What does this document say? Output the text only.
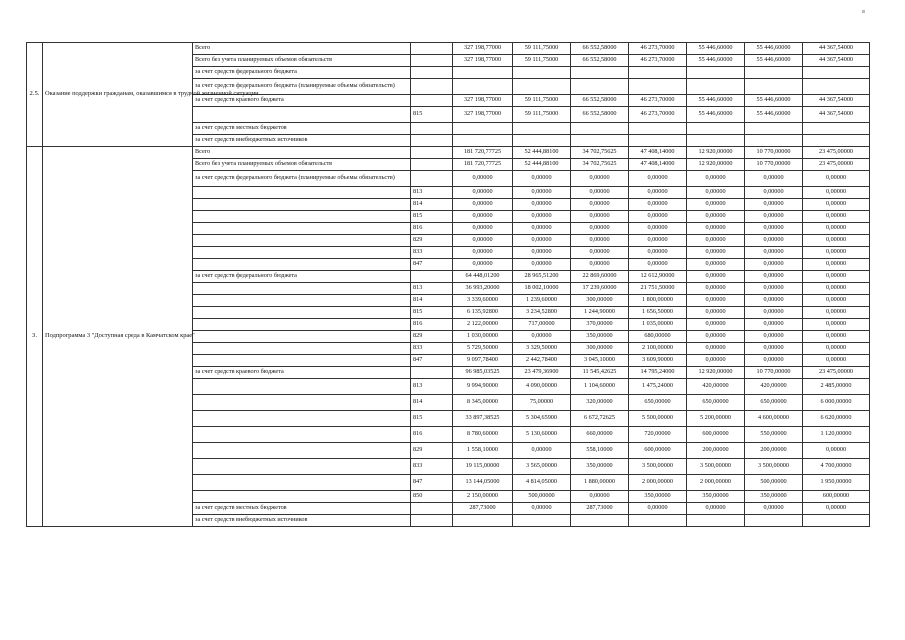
2.5.	Оказание поддержки гражданам, оказавшимся в трудной жизненной ситуации	Всего		327 198,77000	59 111,75000	66 552,58000	46 273,70000	55 446,60000	55 446,60000	44 367,54000
		Всего без учета планируемых объемов обязательств		327 198,77000	59 111,75000	66 552,58000	46 273,70000	55 446,60000	55 446,60000	44 367,54000
		за счет средств федерального бюджета								
		за счет средств федерального бюджета (планируемые объемы обязательств)								
		за счет средств краевого бюджета		327 198,77000	59 111,75000	66 552,58000	46 273,70000	55 446,60000	55 446,60000	44 367,54000
			815	327 198,77000	59 111,75000	66 552,58000	46 273,70000	55 446,60000	55 446,60000	44 367,54000
		за счет средств местных бюджетов								
		за счет средств внебюджетных источников								
3.	Подпрограмма 3 "Доступная среда в Камчатском крае"	Всего		181 720,77725	52 444,88100	34 702,75625	47 408,14000	12 920,00000	10 770,00000	23 475,00000
		Всего без учета планируемых объемов обязательств		181 720,77725	52 444,88100	34 702,75625	47 408,14000	12 920,00000	10 770,00000	23 475,00000
		за счет средств федерального бюджета (планируемые объемы обязательств)		0,00000	0,00000	0,00000	0,00000	0,00000	0,00000	0,00000
			813	0,00000	0,00000	0,00000	0,00000	0,00000	0,00000	0,00000
			814	0,00000	0,00000	0,00000	0,00000	0,00000	0,00000	0,00000
			815	0,00000	0,00000	0,00000	0,00000	0,00000	0,00000	0,00000
			816	0,00000	0,00000	0,00000	0,00000	0,00000	0,00000	0,00000
			829	0,00000	0,00000	0,00000	0,00000	0,00000	0,00000	0,00000
			833	0,00000	0,00000	0,00000	0,00000	0,00000	0,00000	0,00000
			847	0,00000	0,00000	0,00000	0,00000	0,00000	0,00000	0,00000
		за счет средств федерального бюджета		64 448,01200	28 965,51200	22 869,60000	12 612,90000	0,00000	0,00000	0,00000
			813	36 993,20000	18 002,10000	17 239,60000	21 751,50000	0,00000	0,00000	0,00000
			814	3 339,60000	1 239,60000	300,00000	1 800,00000	0,00000	0,00000	0,00000
			815	6 135,92800	3 234,52800	1 244,90000	1 656,50000	0,00000	0,00000	0,00000
			816	2 122,00000	717,00000	370,00000	1 035,00000	0,00000	0,00000	0,00000
			829	1 030,00000	0,00000	350,00000	680,00000	0,00000	0,00000	0,00000
			833	5 729,50000	3 329,50000	300,00000	2 100,00000	0,00000	0,00000	0,00000
			847	9 097,78400	2 442,78400	3 045,10000	3 609,90000	0,00000	0,00000	0,00000
		за счет средств краевого бюджета		96 985,03525	23 479,36900	11 545,42625	14 795,24000	12 920,00000	10 770,00000	23 475,00000
			813	9 994,90000	4 090,00000	1 104,60000	1 475,24000	420,00000	420,00000	2 485,00000
			814	8 345,00000	75,00000	320,00000	650,00000	650,00000	650,00000	6 000,00000
			815	33 897,38525	5 304,65900	6 672,72625	5 500,00000	5 200,00000	4 600,00000	6 620,00000
			816	8 780,60000	5 130,60000	660,00000	720,00000	600,00000	550,00000	1 120,00000
			829	1 558,10000	0,00000	558,10000	600,00000	200,00000	200,00000	0,00000
			833	19 115,00000	3 565,00000	350,00000	3 500,00000	3 500,00000	3 500,00000	4 700,00000
			847	13 144,05000	4 814,05000	1 880,00000	2 000,00000	2 000,00000	500,00000	1 950,00000
			850	2 150,00000	500,00000	0,00000	350,00000	350,00000	350,00000	600,00000
		за счет средств местных бюджетов		287,73000	0,00000	287,73000	0,00000	0,00000	0,00000	0,00000
		за счет средств внебюджетных источников								
